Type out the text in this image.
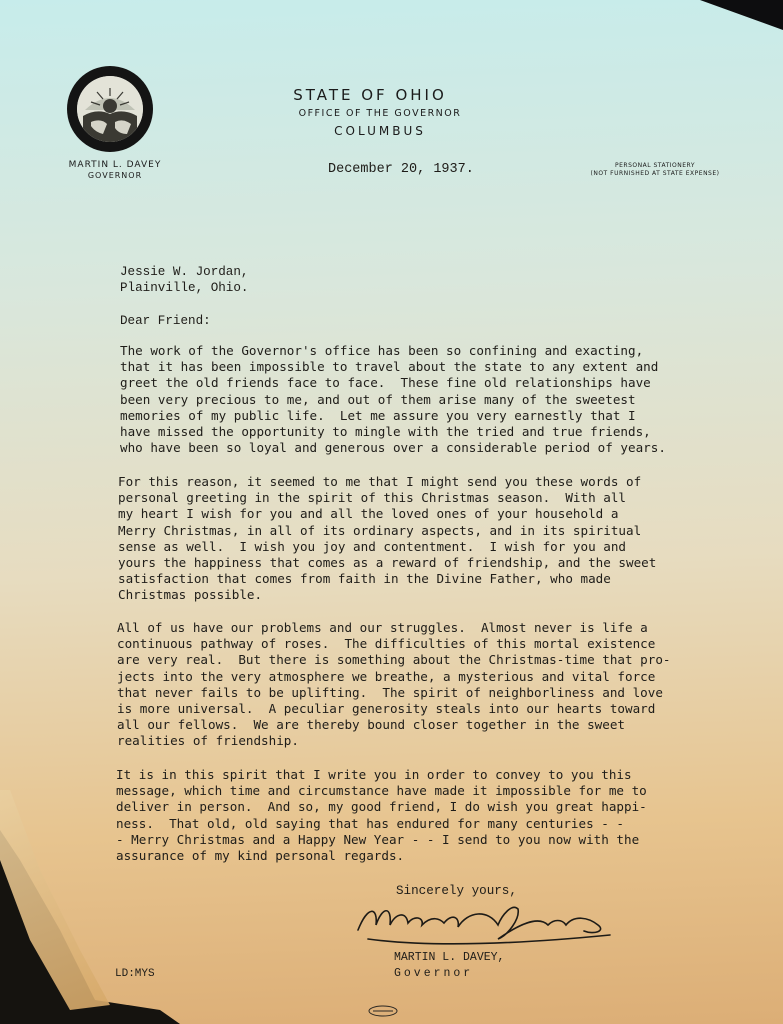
STATE OF OHIO
OFFICE OF THE GOVERNOR
COLUMBUS
MARTIN L. DAVEY
GOVERNOR
PERSONAL STATIONERY
(NOT FURNISHED AT STATE EXPENSE)
December 20, 1937.
Jessie W. Jordan,
Plainville, Ohio.
Dear Friend:
The work of the Governor's office has been so confining and exacting,
that it has been impossible to travel about the state to any extent and
greet the old friends face to face.  These fine old relationships have
been very precious to me, and out of them arise many of the sweetest
memories of my public life.  Let me assure you very earnestly that I
have missed the opportunity to mingle with the tried and true friends,
who have been so loyal and generous over a considerable period of years.
For this reason, it seemed to me that I might send you these words of
personal greeting in the spirit of this Christmas season.  With all
my heart I wish for you and all the loved ones of your household a
Merry Christmas, in all of its ordinary aspects, and in its spiritual
sense as well.  I wish you joy and contentment.  I wish for you and
yours the happiness that comes as a reward of friendship, and the sweet
satisfaction that comes from faith in the Divine Father, who made
Christmas possible.
All of us have our problems and our struggles.  Almost never is life a
continuous pathway of roses.  The difficulties of this mortal existence
are very real.  But there is something about the Christmas-time that pro-
jects into the very atmosphere we breathe, a mysterious and vital force
that never fails to be uplifting.  The spirit of neighborliness and love
is more universal.  A peculiar generosity steals into our hearts toward
all our fellows.  We are thereby bound closer together in the sweet
realities of friendship.
It is in this spirit that I write you in order to convey to you this
message, which time and circumstance have made it impossible for me to
deliver in person.  And so, my good friend, I do wish you great happi-
ness.  That old, old saying that has endured for many centuries - -
- Merry Christmas and a Happy New Year - - I send to you now with the
assurance of my kind personal regards.
Sincerely yours,
MARTIN L. DAVEY,
Governor
LD:MYS
